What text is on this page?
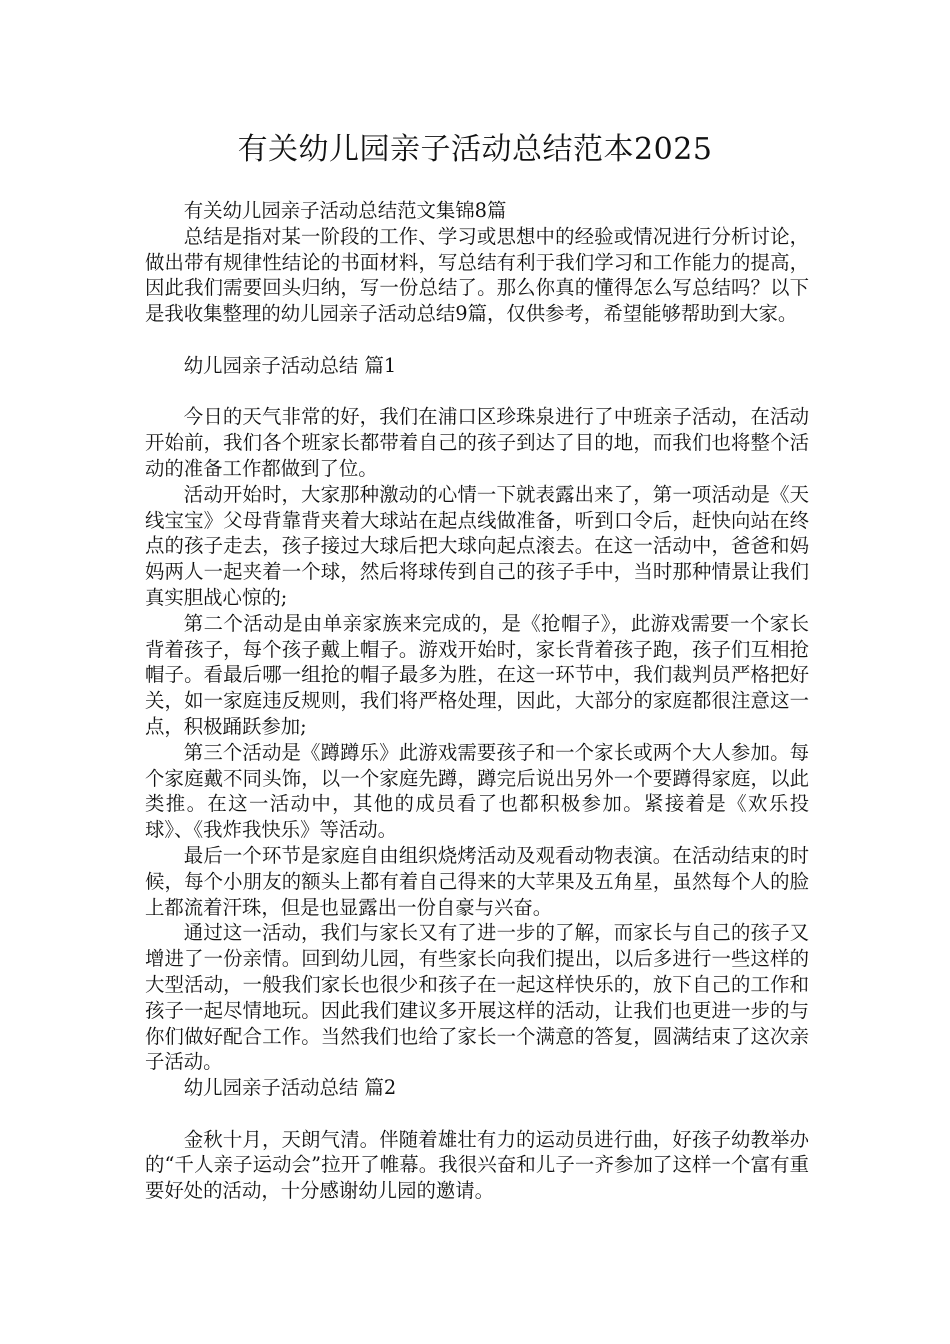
有关幼儿园亲子活动总结范本2025

有关幼儿园亲子活动总结范文集锦8篇

总结是指对某一阶段的工作、学习或思想中的经验或情况进行分析讨论，做出带有规律性结论的书面材料，写总结有利于我们学习和工作能力的提高，因此我们需要回头归纳，写一份总结了。那么你真的懂得怎么写总结吗？以下是我收集整理的幼儿园亲子活动总结9篇，仅供参考，希望能够帮助到大家。

幼儿园亲子活动总结 篇1

今日的天气非常的好，我们在浦口区珍珠泉进行了中班亲子活动，在活动开始前，我们各个班家长都带着自己的孩子到达了目的地，而我们也将整个活动的准备工作都做到了位。

活动开始时，大家那种激动的心情一下就表露出来了，第一项活动是《天线宝宝》父母背靠背夹着大球站在起点线做准备，听到口令后，赶快向站在终点的孩子走去，孩子接过大球后把大球向起点滚去。在这一活动中，爸爸和妈妈两人一起夹着一个球，然后将球传到自己的孩子手中，当时那种情景让我们真实胆战心惊的;

第二个活动是由单亲家族来完成的，是《抢帽子》，此游戏需要一个家长背着孩子，每个孩子戴上帽子。游戏开始时，家长背着孩子跑，孩子们互相抢帽子。看最后哪一组抢的帽子最多为胜，在这一环节中，我们裁判员严格把好关，如一家庭违反规则，我们将严格处理，因此，大部分的家庭都很注意这一点，积极踊跃参加;

第三个活动是《蹲蹲乐》此游戏需要孩子和一个家长或两个大人参加。每个家庭戴不同头饰，以一个家庭先蹲，蹲完后说出另外一个要蹲得家庭，以此类推。在这一活动中，其他的成员看了也都积极参加。紧接着是《欢乐投球》、《我炸我快乐》等活动。

最后一个环节是家庭自由组织烧烤活动及观看动物表演。在活动结束的时候，每个小朋友的额头上都有着自己得来的大苹果及五角星，虽然每个人的脸上都流着汗珠，但是也显露出一份自豪与兴奋。

通过这一活动，我们与家长又有了进一步的了解，而家长与自己的孩子又增进了一份亲情。回到幼儿园，有些家长向我们提出，以后多进行一些这样的大型活动，一般我们家长也很少和孩子在一起这样快乐的，放下自己的工作和孩子一起尽情地玩。因此我们建议多开展这样的活动，让我们也更进一步的与你们做好配合工作。当然我们也给了家长一个满意的答复，圆满结束了这次亲子活动。

幼儿园亲子活动总结 篇2

金秋十月，天朗气清。伴随着雄壮有力的运动员进行曲，好孩子幼教举办的“千人亲子运动会”拉开了帷幕。我很兴奋和儿子一齐参加了这样一个富有重要好处的活动，十分感谢幼儿园的邀请。
